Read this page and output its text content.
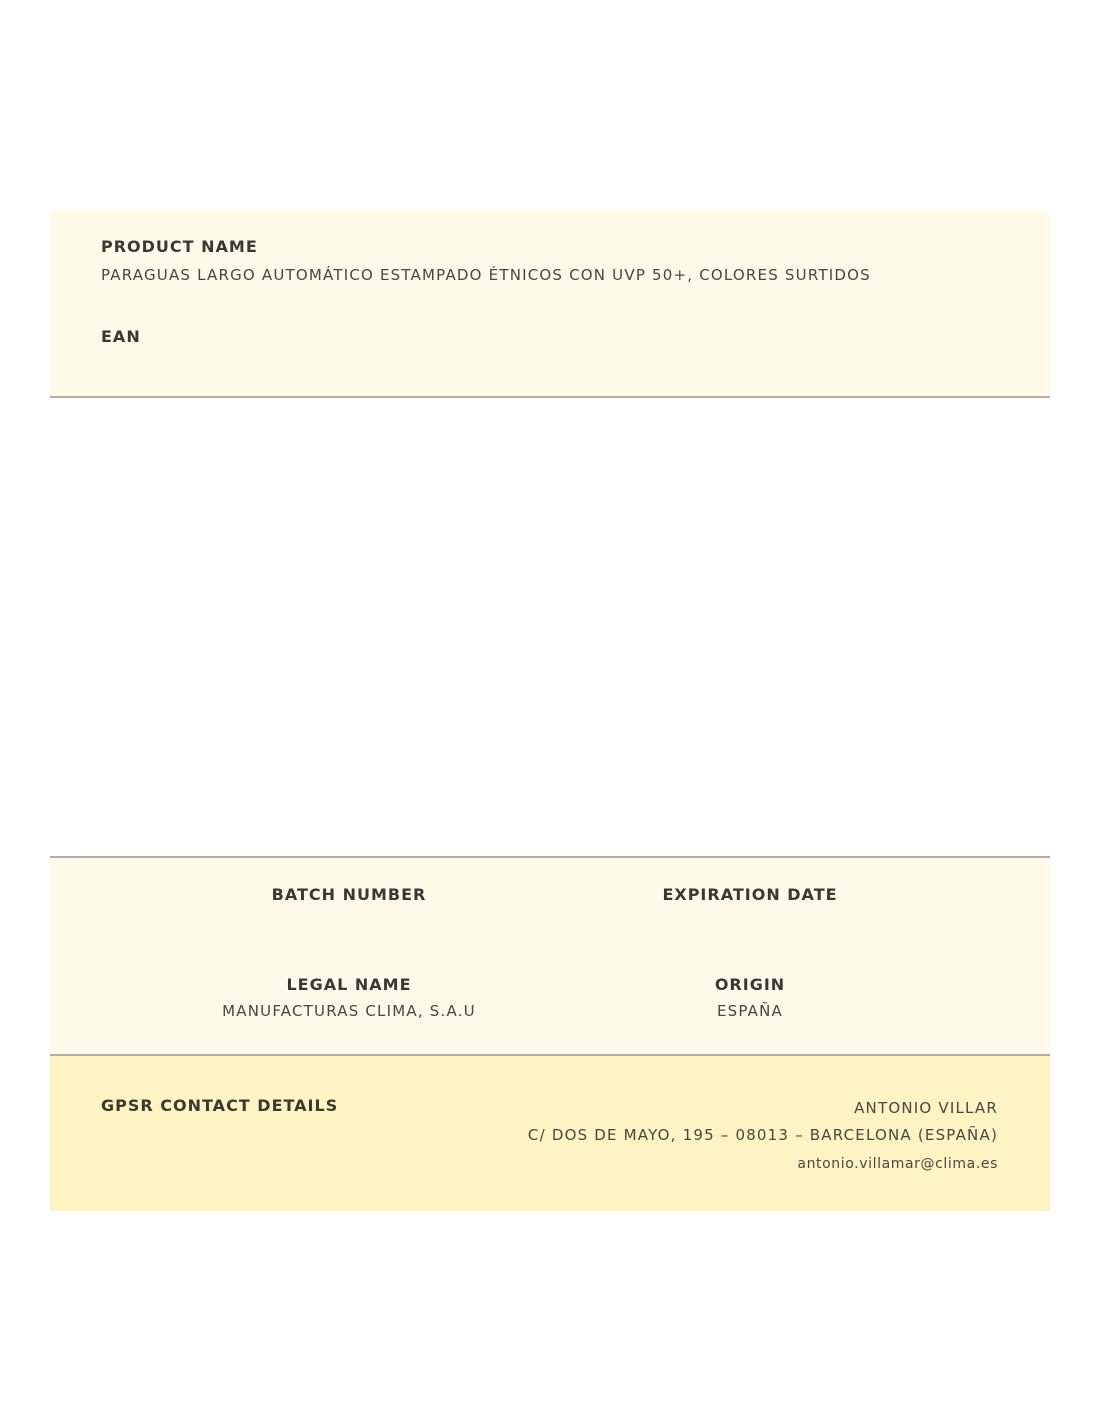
PRODUCT NAME
PARAGUAS LARGO AUTOMÁTICO ESTAMPADO ÉTNICOS CON UVP 50+, COLORES SURTIDOS
EAN
BATCH NUMBER	EXPIRATION DATE
LEGAL NAME
MANUFACTURAS CLIMA, S.A.U
ORIGIN
ESPAÑA
GPSR CONTACT DETAILS	ANTONIO VILLAR
C/ DOS DE MAYO, 195 – 08013 – BARCELONA (ESPAÑA)
antonio.villamar@clima.es
